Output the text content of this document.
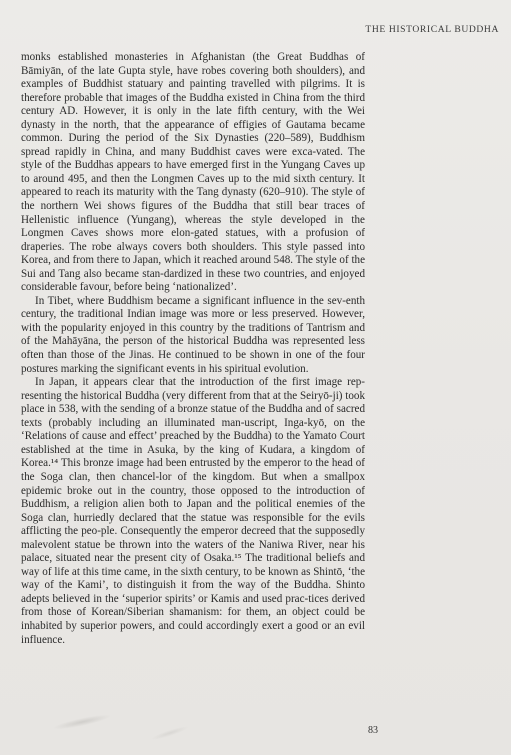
THE HISTORICAL BUDDHA

monks established monasteries in Afghanistan (the Great Buddhas of Bāmiyān, of the late Gupta style, have robes covering both shoulders), and examples of Buddhist statuary and painting travelled with pilgrims. It is therefore probable that images of the Buddha existed in China from the third century AD. However, it is only in the late fifth century, with the Wei dynasty in the north, that the appearance of effigies of Gautama became common. During the period of the Six Dynasties (220–589), Buddhism spread rapidly in China, and many Buddhist caves were exca-vated. The style of the Buddhas appears to have emerged first in the Yungang Caves up to around 495, and then the Longmen Caves up to the mid sixth century. It appeared to reach its maturity with the Tang dynasty (620–910). The style of the northern Wei shows figures of the Buddha that still bear traces of Hellenistic influence (Yungang), whereas the style developed in the Longmen Caves shows more elon-gated statues, with a profusion of draperies. The robe always covers both shoulders. This style passed into Korea, and from there to Japan, which it reached around 548. The style of the Sui and Tang also became stan-dardized in these two countries, and enjoyed considerable favour, before being ‘nationalized’.

In Tibet, where Buddhism became a significant influence in the sev-enth century, the traditional Indian image was more or less preserved. However, with the popularity enjoyed in this country by the traditions of Tantrism and of the Mahāyāna, the person of the historical Buddha was represented less often than those of the Jinas. He continued to be shown in one of the four postures marking the significant events in his spiritual evolution.

In Japan, it appears clear that the introduction of the first image rep-resenting the historical Buddha (very different from that at the Seiryō-ji) took place in 538, with the sending of a bronze statue of the Buddha and of sacred texts (probably including an illuminated man-uscript, Inga-kyō, on the ‘Relations of cause and effect’ preached by the Buddha) to the Yamato Court established at the time in Asuka, by the king of Kudara, a kingdom of Korea.¹⁴ This bronze image had been entrusted by the emperor to the head of the Soga clan, then chancel-lor of the kingdom. But when a smallpox epidemic broke out in the country, those opposed to the introduction of Buddhism, a religion alien both to Japan and the political enemies of the Soga clan, hurriedly declared that the statue was responsible for the evils afflicting the peo-ple. Consequently the emperor decreed that the supposedly malevolent statue be thrown into the waters of the Naniwa River, near his palace, situated near the present city of Osaka.¹⁵ The traditional beliefs and way of life at this time came, in the sixth century, to be known as Shintō, ‘the way of the Kami’, to distinguish it from the way of the Buddha. Shinto adepts believed in the ‘superior spirits’ or Kamis and used prac-tices derived from those of Korean/Siberian shamanism: for them, an object could be inhabited by superior powers, and could accordingly exert a good or an evil influence.

83
